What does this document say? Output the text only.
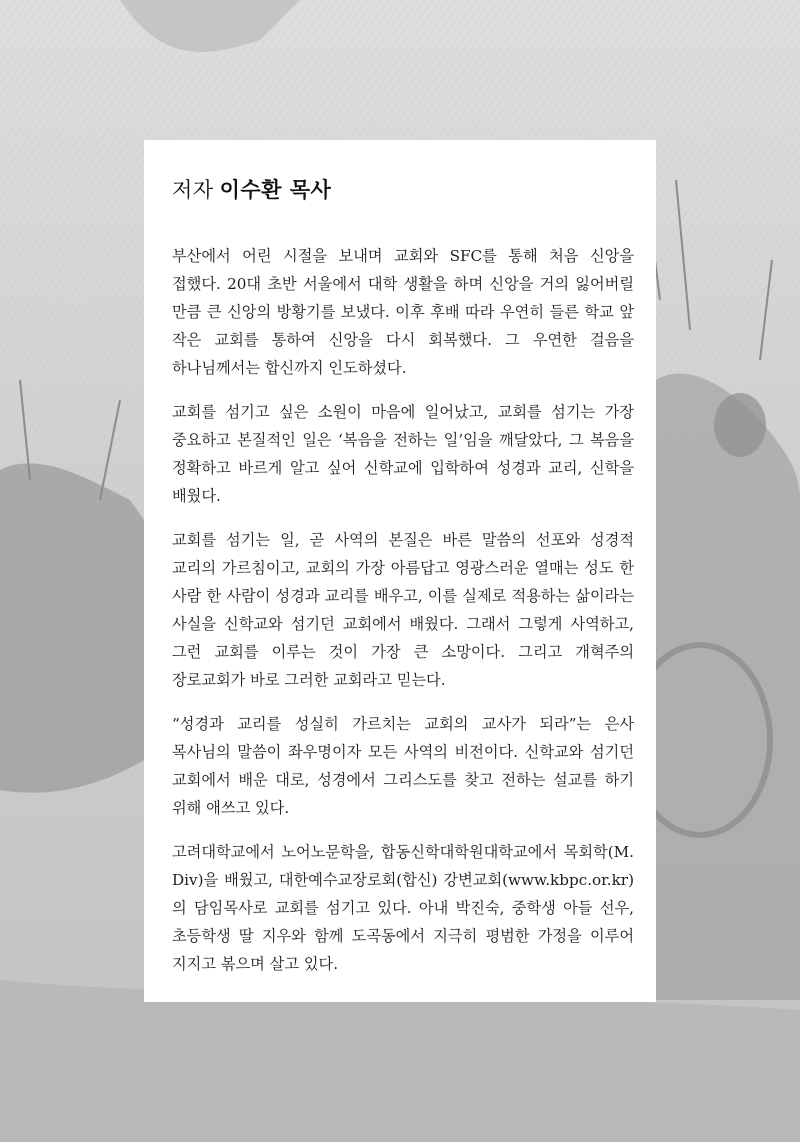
저자 이수환 목사

부산에서 어린 시절을 보내며 교회와 SFC를 통해 처음 신앙을 접했다. 20대 초반 서울에서 대학 생활을 하며 신앙을 거의 잃어버릴 만큼 큰 신앙의 방황기를 보냈다. 이후 후배 따라 우연히 들른 학교 앞 작은 교회를 통하여 신앙을 다시 회복했다. 그 우연한 걸음을 하나님께서는 합신까지 인도하셨다.

교회를 섬기고 싶은 소원이 마음에 일어났고, 교회를 섬기는 가장 중요하고 본질적인 일은 ‘복음을 전하는 일’임을 깨달았다, 그 복음을 정확하고 바르게 알고 싶어 신학교에 입학하여 성경과 교리, 신학을 배웠다.

교회를 섬기는 일, 곧 사역의 본질은 바른 말씀의 선포와 성경적 교리의 가르침이고, 교회의 가장 아름답고 영광스러운 열매는 성도 한 사람 한 사람이 성경과 교리를 배우고, 이를 실제로 적용하는 삶이라는 사실을 신학교와 섬기던 교회에서 배웠다. 그래서 그렇게 사역하고, 그런 교회를 이루는 것이 가장 큰 소망이다. 그리고 개혁주의 장로교회가 바로 그러한 교회라고 믿는다.

“성경과 교리를 성실히 가르치는 교회의 교사가 되라”는 은사 목사님의 말씀이 좌우명이자 모든 사역의 비전이다. 신학교와 섬기던 교회에서 배운 대로, 성경에서 그리스도를 찾고 전하는 설교를 하기 위해 애쓰고 있다.

고려대학교에서 노어노문학을, 합동신학대학원대학교에서 목회학(M. Div)을 배웠고, 대한예수교장로회(합신) 강변교회(www.kbpc.or.kr)의 담임목사로 교회를 섬기고 있다. 아내 박진숙, 중학생 아들 선우, 초등학생 딸 지우와 함께 도곡동에서 지극히 평범한 가정을 이루어 지지고 볶으며 살고 있다.
